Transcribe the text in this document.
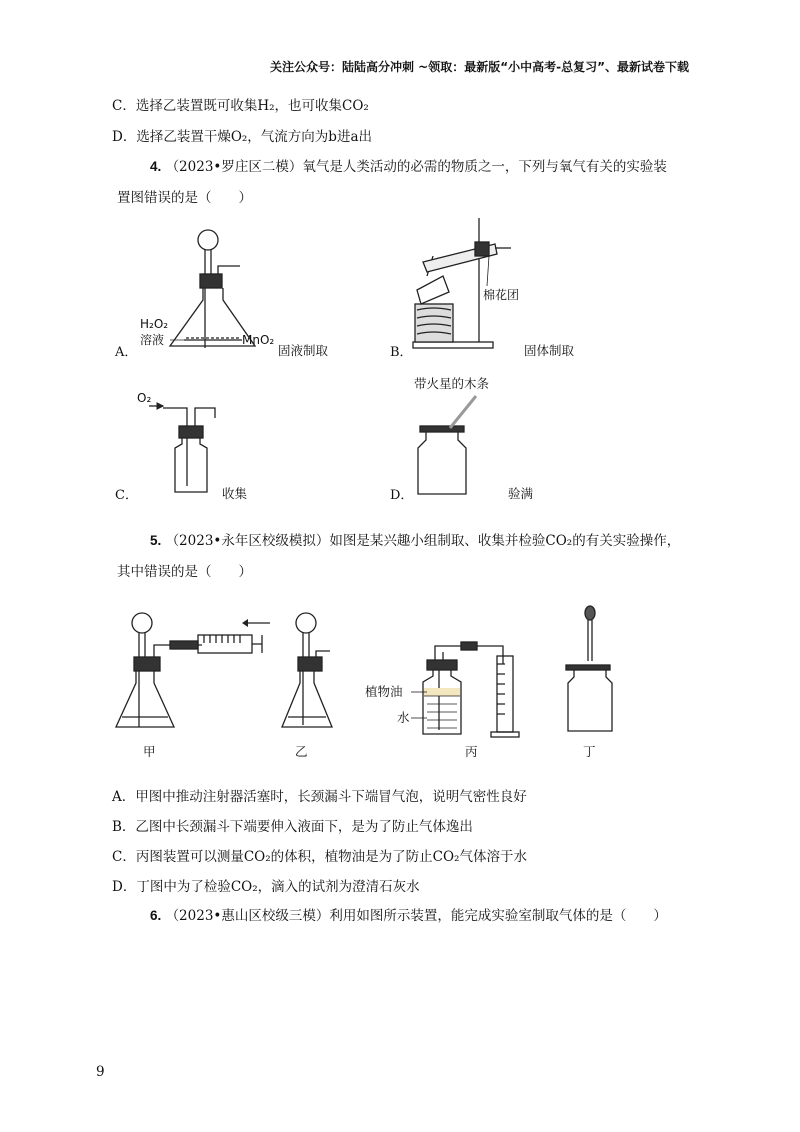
关注公众号：陆陆高分冲刺 ~领取：最新版“小中高考-总复习”、最新试卷下载
C．选择乙装置既可收集H₂，也可收集CO₂
D．选择乙装置干燥O₂，气流方向为b进a出
4. （2023•罗庄区二模）氧气是人类活动的必需的物质之一，下列与氧气有关的实验装
置图错误的是（　　）
H₂O₂
溶液	MnO₂
A．	固液制取
棉花团
B．	固体制取
O₂
C．	收集
带火星的木条
D．	验满
5. （2023•永年区校级模拟）如图是某兴趣小组制取、收集并检验CO₂的有关实验操作，
其中错误的是（　　）
甲	乙
植物油
水
丙	丁
A．甲图中推动注射器活塞时，长颈漏斗下端冒气泡，说明气密性良好
B．乙图中长颈漏斗下端要伸入液面下，是为了防止气体逸出
C．丙图装置可以测量CO₂的体积，植物油是为了防止CO₂气体溶于水
D．丁图中为了检验CO₂，滴入的试剂为澄清石灰水
6. （2023•惠山区校级三模）利用如图所示装置，能完成实验室制取气体的是（　　）
9
